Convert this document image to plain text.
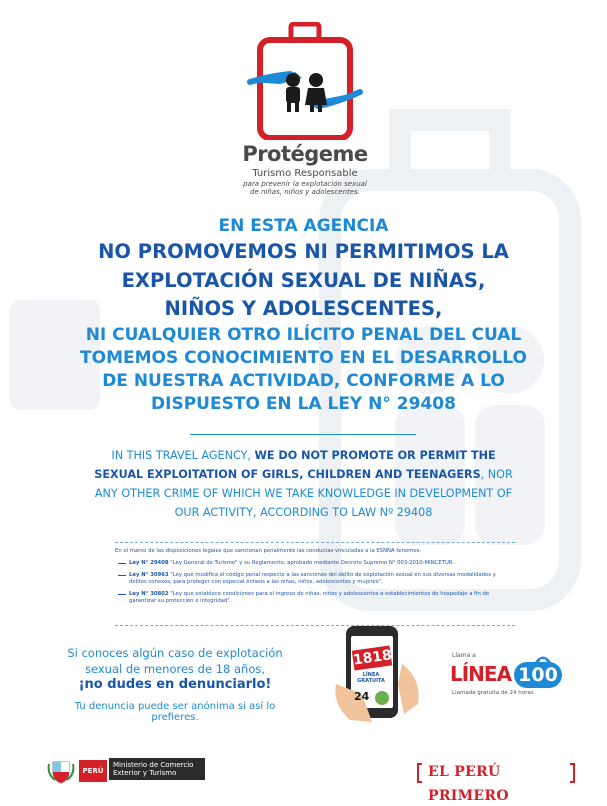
Protégeme
Turismo Responsable
para prevenir la explotación sexual
de niñas, niños y adolescentes.
EN ESTA AGENCIA
NO PROMOVEMOS NI PERMITIMOS LA
EXPLOTACIÓN SEXUAL DE NIÑAS,
NIÑOS Y ADOLESCENTES,
NI CUALQUIER OTRO ILÍCITO PENAL DEL CUAL
TOMEMOS CONOCIMIENTO EN EL DESARROLLO
DE NUESTRA ACTIVIDAD, CONFORME A LO
DISPUESTO EN LA LEY N° 29408
IN THIS TRAVEL AGENCY, WE DO NOT PROMOTE OR PERMIT THE SEXUAL EXPLOITATION OF GIRLS, CHILDREN AND TEENAGERS, NOR ANY OTHER CRIME OF WHICH WE TAKE KNOWLEDGE IN DEVELOPMENT OF OUR ACTIVITY, ACCORDING TO LAW Nº 29408

En el marco de las disposiciones legales que sancionan penalmente las conductas vinculadas a la ESNNA tenemos:

Ley N° 29408 "Ley General de Turismo" y su Reglamento, aprobado mediante Decreto Supremo N° 003-2010-MINCETUR.

Ley N° 30963 "Ley que modifica el código penal respecto a las sanciones del delito de explotación sexual en sus diversas modalidades y delitos conexos, para proteger con especial énfasis a las niñas, niños, adolescentes y mujeres".

Ley N° 30802 "Ley que establece condiciones para el ingreso de niñas, niños y adolescentes a establecimientos de hospedaje a fin de garantizar su protección e integridad".

Si conoces algún caso de explotación
sexual de menores de 18 años,
¡no dudes en denunciarlo!
Tu denuncia puede ser anónima si así lo prefieres.
1818
LÍNEA GRATUITA
24
Llama a
LÍNEA 100
Llamada gratuita de 24 horas
PERÚ
Ministerio de Comercio Exterior y Turismo	EL PERÚ PRIMERO
